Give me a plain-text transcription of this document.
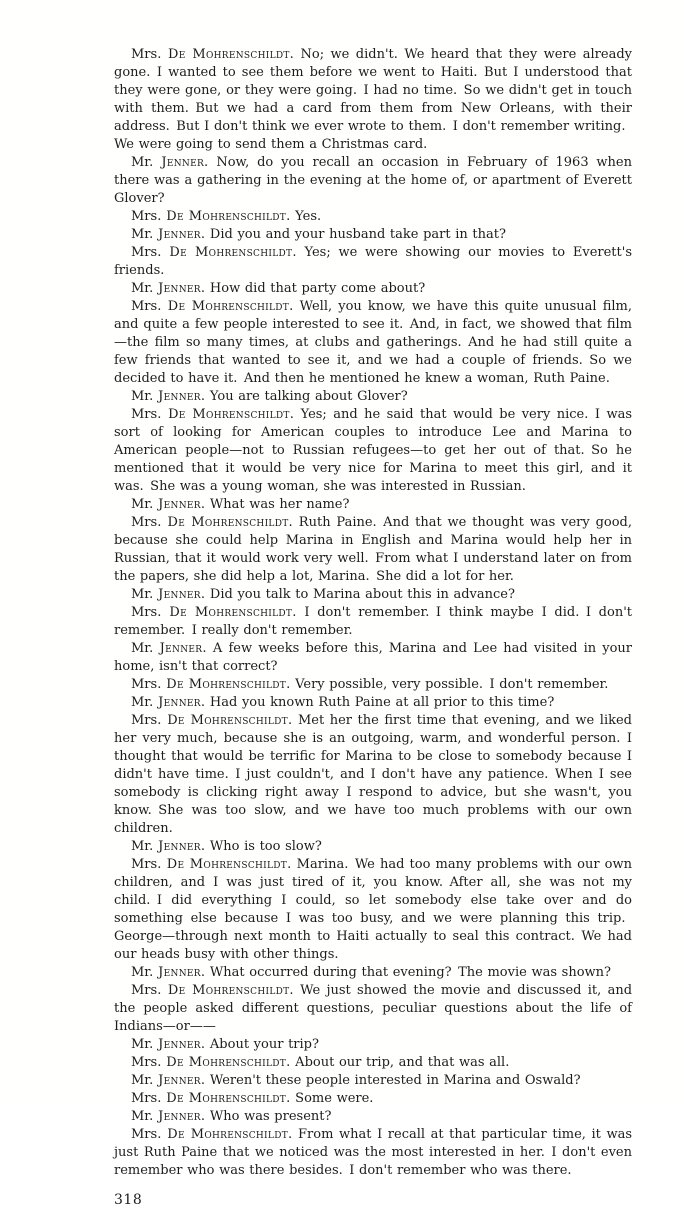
Mrs. De Mohrenschildt. No; we didn't. We heard that they were already gone. I wanted to see them before we went to Haiti. But I understood that they were gone, or they were going. I had no time. So we didn't get in touch with them. But we had a card from them from New Orleans, with their address. But I don't think we ever wrote to them. I don't remember writing. We were going to send them a Christmas card.

Mr. Jenner. Now, do you recall an occasion in February of 1963 when there was a gathering in the evening at the home of, or apartment of Everett Glover?

Mrs. De Mohrenschildt. Yes.

Mr. Jenner. Did you and your husband take part in that?

Mrs. De Mohrenschildt. Yes; we were showing our movies to Everett's friends.

Mr. Jenner. How did that party come about?

Mrs. De Mohrenschildt. Well, you know, we have this quite unusual film, and quite a few people interested to see it. And, in fact, we showed that film—the film so many times, at clubs and gatherings. And he had still quite a few friends that wanted to see it, and we had a couple of friends. So we decided to have it. And then he mentioned he knew a woman, Ruth Paine.

Mr. Jenner. You are talking about Glover?

Mrs. De Mohrenschildt. Yes; and he said that would be very nice. I was sort of looking for American couples to introduce Lee and Marina to American people—not to Russian refugees—to get her out of that. So he mentioned that it would be very nice for Marina to meet this girl, and it was. She was a young woman, she was interested in Russian.

Mr. Jenner. What was her name?

Mrs. De Mohrenschildt. Ruth Paine. And that we thought was very good, because she could help Marina in English and Marina would help her in Russian, that it would work very well. From what I understand later on from the papers, she did help a lot, Marina. She did a lot for her.

Mr. Jenner. Did you talk to Marina about this in advance?

Mrs. De Mohrenschildt. I don't remember. I think maybe I did. I don't remember. I really don't remember.

Mr. Jenner. A few weeks before this, Marina and Lee had visited in your home, isn't that correct?

Mrs. De Mohrenschildt. Very possible, very possible. I don't remember.

Mr. Jenner. Had you known Ruth Paine at all prior to this time?

Mrs. De Mohrenschildt. Met her the first time that evening, and we liked her very much, because she is an outgoing, warm, and wonderful person. I thought that would be terrific for Marina to be close to somebody because I didn't have time. I just couldn't, and I don't have any patience. When I see somebody is clicking right away I respond to advice, but she wasn't, you know. She was too slow, and we have too much problems with our own children.

Mr. Jenner. Who is too slow?

Mrs. De Mohrenschildt. Marina. We had too many problems with our own children, and I was just tired of it, you know. After all, she was not my child. I did everything I could, so let somebody else take over and do something else because I was too busy, and we were planning this trip. George—through next month to Haiti actually to seal this contract. We had our heads busy with other things.

Mr. Jenner. What occurred during that evening? The movie was shown?

Mrs. De Mohrenschildt. We just showed the movie and discussed it, and the people asked different questions, peculiar questions about the life of Indians—or——

Mr. Jenner. About your trip?

Mrs. De Mohrenschildt. About our trip, and that was all.

Mr. Jenner. Weren't these people interested in Marina and Oswald?

Mrs. De Mohrenschildt. Some were.

Mr. Jenner. Who was present?

Mrs. De Mohrenschildt. From what I recall at that particular time, it was just Ruth Paine that we noticed was the most interested in her. I don't even remember who was there besides. I don't remember who was there.

318
